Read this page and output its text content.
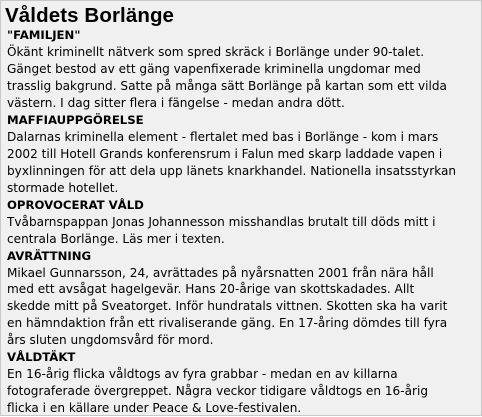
Våldets Borlänge
"FAMILJEN"
Ökänt kriminellt nätverk som spred skräck i Borlänge under 90-talet.
Gänget bestod av ett gäng vapenfixerade kriminella ungdomar med
trasslig bakgrund. Satte på många sätt Borlänge på kartan som ett vilda
västern. I dag sitter flera i fängelse - medan andra dött.
MAFFIAUPPGÖRELSE
Dalarnas kriminella element - flertalet med bas i Borlänge - kom i mars
2002 till Hotell Grands konferensrum i Falun med skarp laddade vapen i
byxlinningen för att dela upp länets knarkhandel. Nationella insatsstyrkan
stormade hotellet.
OPROVOCERAT VÅLD
Tvåbarnspappan Jonas Johannesson misshandlas brutalt till döds mitt i
centrala Borlänge. Läs mer i texten.
AVRÄTTNING
Mikael Gunnarsson, 24, avrättades på nyårsnatten 2001 från nära håll
med ett avsågat hagelgevär. Hans 20-årige van skottskadades. Allt
skedde mitt på Sveatorget. Inför hundratals vittnen. Skotten ska ha varit
en hämndaktion från ett rivaliserande gäng. En 17-åring dömdes till fyra
års sluten ungdomsvård för mord.
VÅLDTÄKT
En 16-årig flicka våldtogs av fyra grabbar - medan en av killarna
fotograferade övergreppet. Några veckor tidigare våldtogs en 16-årig
flicka i en källare under Peace & Love-festivalen.
